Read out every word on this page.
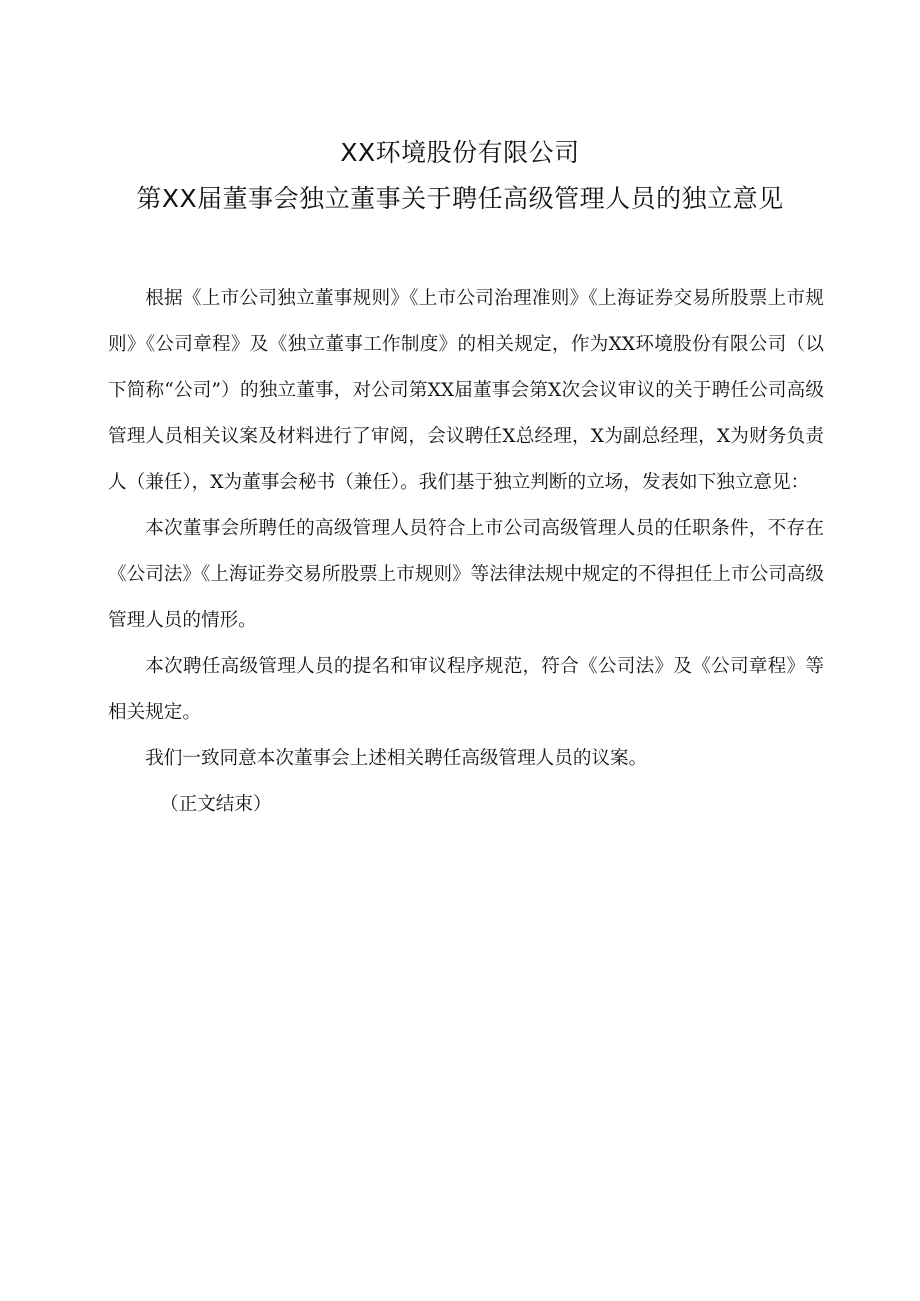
XX环境股份有限公司
第XX届董事会独立董事关于聘任高级管理人员的独立意见

根据《上市公司独立董事规则》《上市公司治理准则》《上海证券交易所股票上市规则》《公司章程》及《独立董事工作制度》的相关规定，作为XX环境股份有限公司（以下简称“公司”）的独立董事，对公司第XX届董事会第X次会议审议的关于聘任公司高级管理人员相关议案及材料进行了审阅，会议聘任X总经理，X为副总经理，X为财务负责人（兼任），X为董事会秘书（兼任）。我们基于独立判断的立场，发表如下独立意见：

本次董事会所聘任的高级管理人员符合上市公司高级管理人员的任职条件，不存在《公司法》《上海证券交易所股票上市规则》等法律法规中规定的不得担任上市公司高级管理人员的情形。

本次聘任高级管理人员的提名和审议程序规范，符合《公司法》及《公司章程》等相关规定。

我们一致同意本次董事会上述相关聘任高级管理人员的议案。

（正文结束）
